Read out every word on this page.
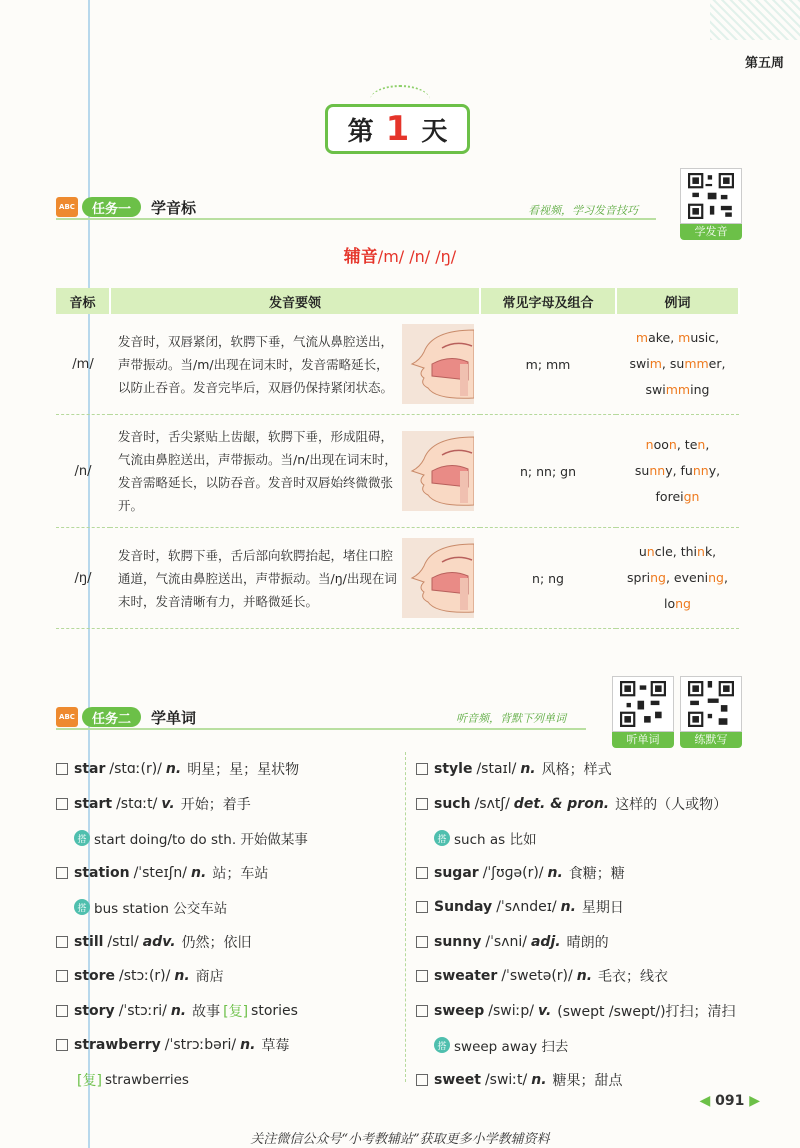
第五周
第 1 天
ABC	任务一	学音标	看视频，学习发音技巧
学发音
辅音/m/ /n/ /ŋ/
音标	发音要领	常见字母及组合	例词
/m/	发音时，双唇紧闭，软腭下垂，气流从鼻腔送出，声带振动。当/m/出现在词末时，发音需略延长，以防止吞音。发音完毕后，双唇仍保持紧闭状态。	m; mm	make, music,
swim, summer,
swimming

/n/	发音时，舌尖紧贴上齿龈，软腭下垂，形成阻碍，气流由鼻腔送出，声带振动。当/n/出现在词末时，发音需略延长，以防吞音。发音时双唇始终微微张开。	n; nn; gn	noon, ten,
sunny, funny,
foreign

/ŋ/	发音时，软腭下垂，舌后部向软腭抬起，堵住口腔通道，气流由鼻腔送出，声带振动。当/ŋ/出现在词末时，发音清晰有力，并略微延长。	n; ng	uncle, think,
spring, evening,
long
ABC	任务二	学单词	听音频，背默下列单词
听单词	练默写
star /stɑː(r)/ n. 明星；星；星状物
start /stɑːt/ v. 开始；着手
搭 start doing/to do sth. 开始做某事
station /ˈsteɪʃn/ n. 站；车站
搭 bus station 公交车站
still /stɪl/ adv. 仍然；依旧
store /stɔː(r)/ n. 商店
story /ˈstɔːri/ n. 故事 [复] stories
strawberry /ˈstrɔːbəri/ n. 草莓
[复] strawberries
style /staɪl/ n. 风格；样式
such /sʌtʃ/ det. & pron. 这样的（人或物）
搭 such as 比如
sugar /ˈʃʊɡə(r)/ n. 食糖；糖
Sunday /ˈsʌndeɪ/ n. 星期日
sunny /ˈsʌni/ adj. 晴朗的
sweater /ˈswetə(r)/ n. 毛衣；线衣
sweep /swiːp/ v. (swept /swept/)打扫；清扫
搭 sweep away 扫去
sweet /swiːt/ n. 糖果；甜点
◀ 091 ▶
关注微信公众号“小考教辅站”获取更多小学教辅资料
